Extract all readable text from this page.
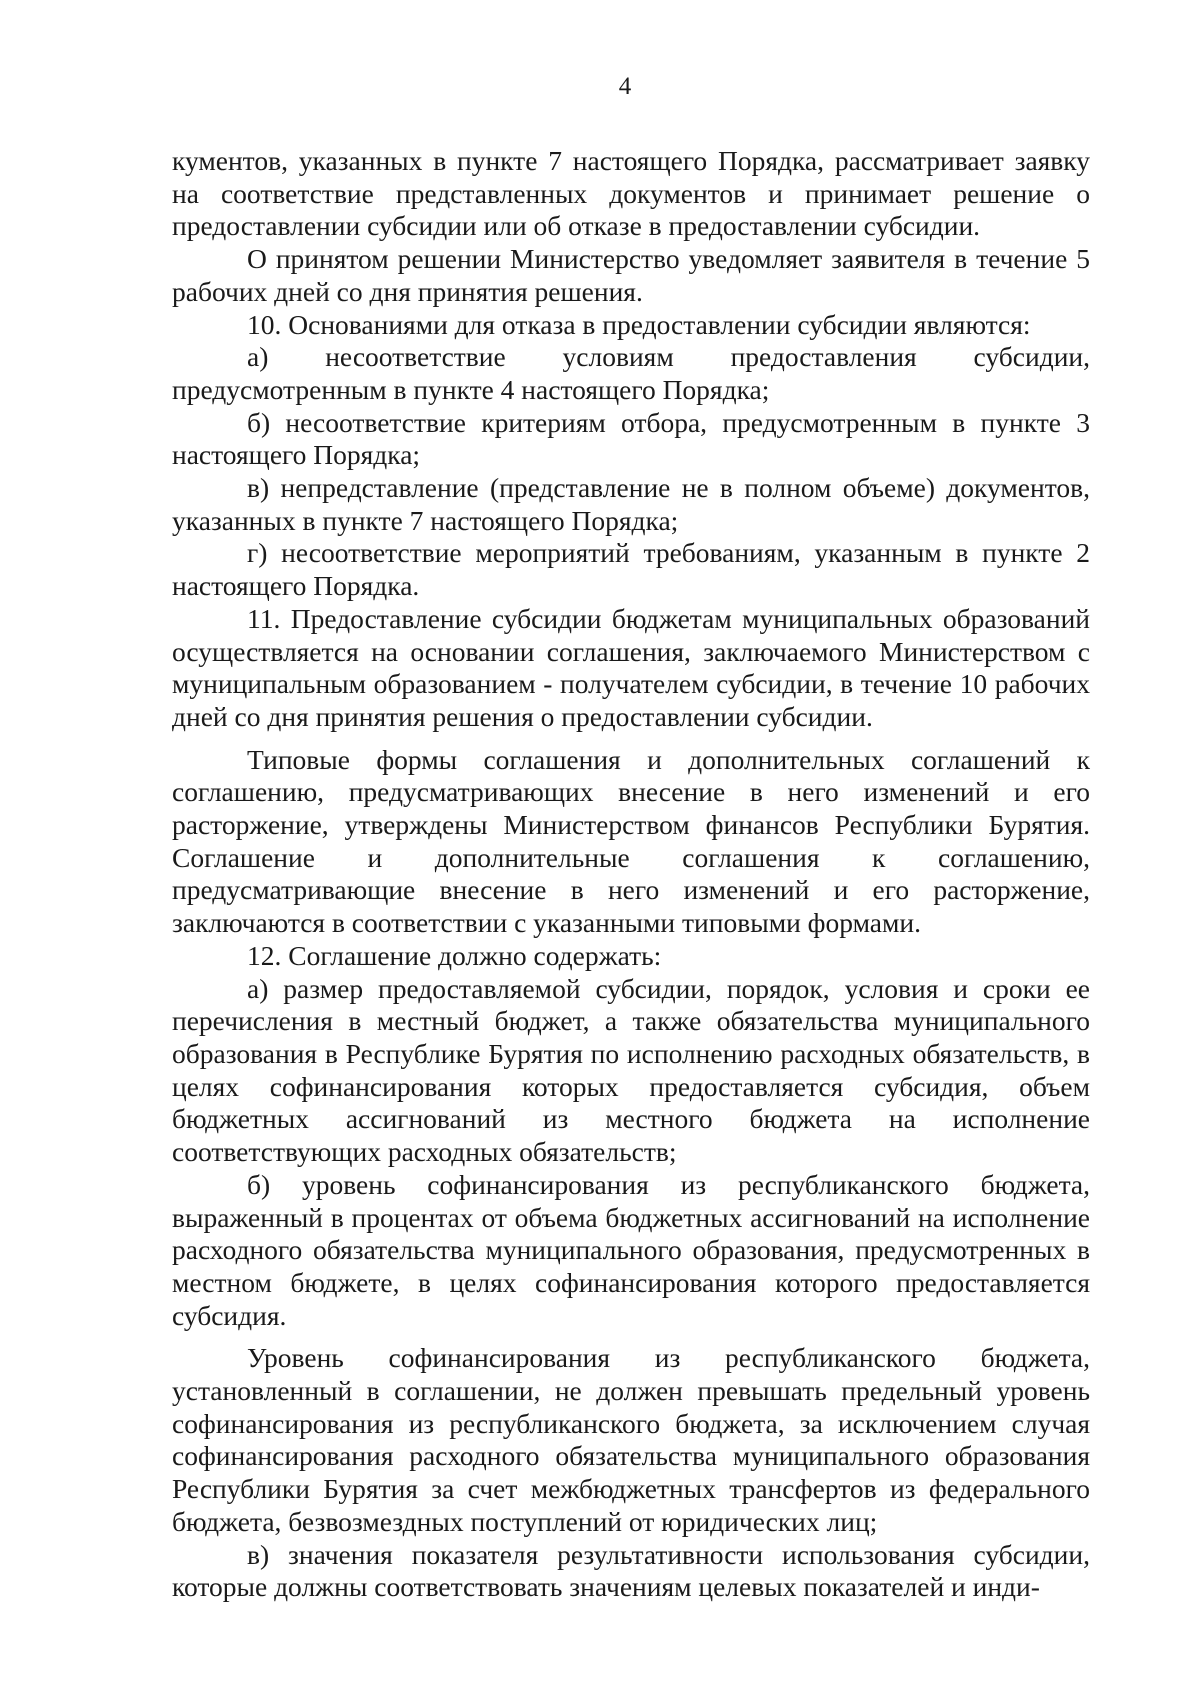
4

кументов, указанных в пункте 7 настоящего Порядка, рассматривает заявку на соответствие представленных документов и принимает решение о предоставлении субсидии или об отказе в предоставлении субсидии.

О принятом решении Министерство уведомляет заявителя в течение 5 рабочих дней со дня принятия решения.

10. Основаниями для отказа в предоставлении субсидии являются:

а) несоответствие условиям предоставления субсидии, предусмотренным в пункте 4 настоящего Порядка;

б) несоответствие критериям отбора, предусмотренным в пункте 3 настоящего Порядка;

в) непредставление (представление не в полном объеме) документов, указанных в пункте 7 настоящего Порядка;

г) несоответствие мероприятий требованиям, указанным в пункте 2 настоящего Порядка.

11. Предоставление субсидии бюджетам муниципальных образований осуществляется на основании соглашения, заключаемого Министерством с муниципальным образованием - получателем субсидии, в течение 10 рабочих дней со дня принятия решения о предоставлении субсидии.

Типовые формы соглашения и дополнительных соглашений к соглашению, предусматривающих внесение в него изменений и его расторжение, утверждены Министерством финансов Республики Бурятия. Соглашение и дополнительные соглашения к соглашению, предусматривающие внесение в него изменений и его расторжение, заключаются в соответствии с указанными типовыми формами.

12. Соглашение должно содержать:

а) размер предоставляемой субсидии, порядок, условия и сроки ее перечисления в местный бюджет, а также обязательства муниципального образования в Республике Бурятия по исполнению расходных обязательств, в целях софинансирования которых предоставляется субсидия, объем бюджетных ассигнований из местного бюджета на исполнение соответствующих расходных обязательств;

б) уровень софинансирования из республиканского бюджета, выраженный в процентах от объема бюджетных ассигнований на исполнение расходного обязательства муниципального образования, предусмотренных в местном бюджете, в целях софинансирования которого предоставляется субсидия.

Уровень софинансирования из республиканского бюджета, установленный в соглашении, не должен превышать предельный уровень софинансирования из республиканского бюджета, за исключением случая софинансирования расходного обязательства муниципального образования Республики Бурятия за счет межбюджетных трансфертов из федерального бюджета, безвозмездных поступлений от юридических лиц;

в) значения показателя результативности использования субсидии, которые должны соответствовать значениям целевых показателей и инди-
